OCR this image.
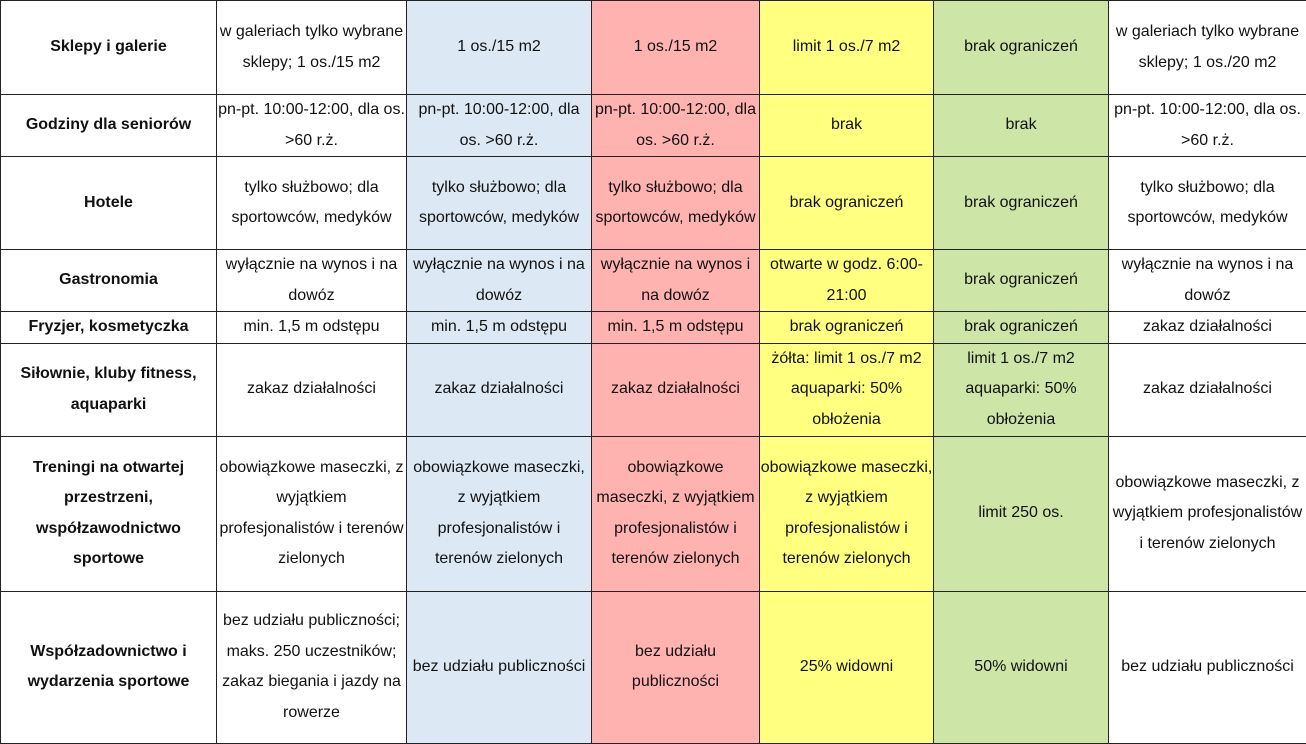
Sklepy i galerie	w galeriach tylko wybrane sklepy; 1 os./15 m2	1 os./15 m2	1 os./15 m2	limit 1 os./7 m2	brak ograniczeń	w galeriach tylko wybrane sklepy; 1 os./20 m2
Godziny dla seniorów	pn-pt. 10:00-12:00, dla os. >60 r.ż.	pn-pt. 10:00-12:00, dla os. >60 r.ż.	pn-pt. 10:00-12:00, dla os. >60 r.ż.	brak	brak	pn-pt. 10:00-12:00, dla os. >60 r.ż.
Hotele	tylko służbowo; dla sportowców, medyków	tylko służbowo; dla sportowców, medyków	tylko służbowo; dla sportowców, medyków	brak ograniczeń	brak ograniczeń	tylko służbowo; dla sportowców, medyków
Gastronomia	wyłącznie na wynos i na dowóz	wyłącznie na wynos i na dowóz	wyłącznie na wynos i na dowóz	otwarte w godz. 6:00-21:00	brak ograniczeń	wyłącznie na wynos i na dowóz
Fryzjer, kosmetyczka	min. 1,5 m odstępu	min. 1,5 m odstępu	min. 1,5 m odstępu	brak ograniczeń	brak ograniczeń	zakaz działalności
Siłownie, kluby fitness, aquaparki	zakaz działalności	zakaz działalności	zakaz działalności	żółta: limit 1 os./7 m2 aquaparki: 50% obłożenia	limit 1 os./7 m2 aquaparki: 50% obłożenia	zakaz działalności
Treningi na otwartej przestrzeni, współzawodnictwo sportowe	obowiązkowe maseczki, z wyjątkiem profesjonalistów i terenów zielonych	obowiązkowe maseczki, z wyjątkiem profesjonalistów i terenów zielonych	obowiązkowe maseczki, z wyjątkiem profesjonalistów i terenów zielonych	obowiązkowe maseczki, z wyjątkiem profesjonalistów i terenów zielonych	limit 250 os.	obowiązkowe maseczki, z wyjątkiem profesjonalistów i terenów zielonych
Współzadownictwo i wydarzenia sportowe	bez udziału publiczności; maks. 250 uczestników; zakaz biegania i jazdy na rowerze	bez udziału publiczności	bez udziału publiczności	25% widowni	50% widowni	bez udziału publiczności
